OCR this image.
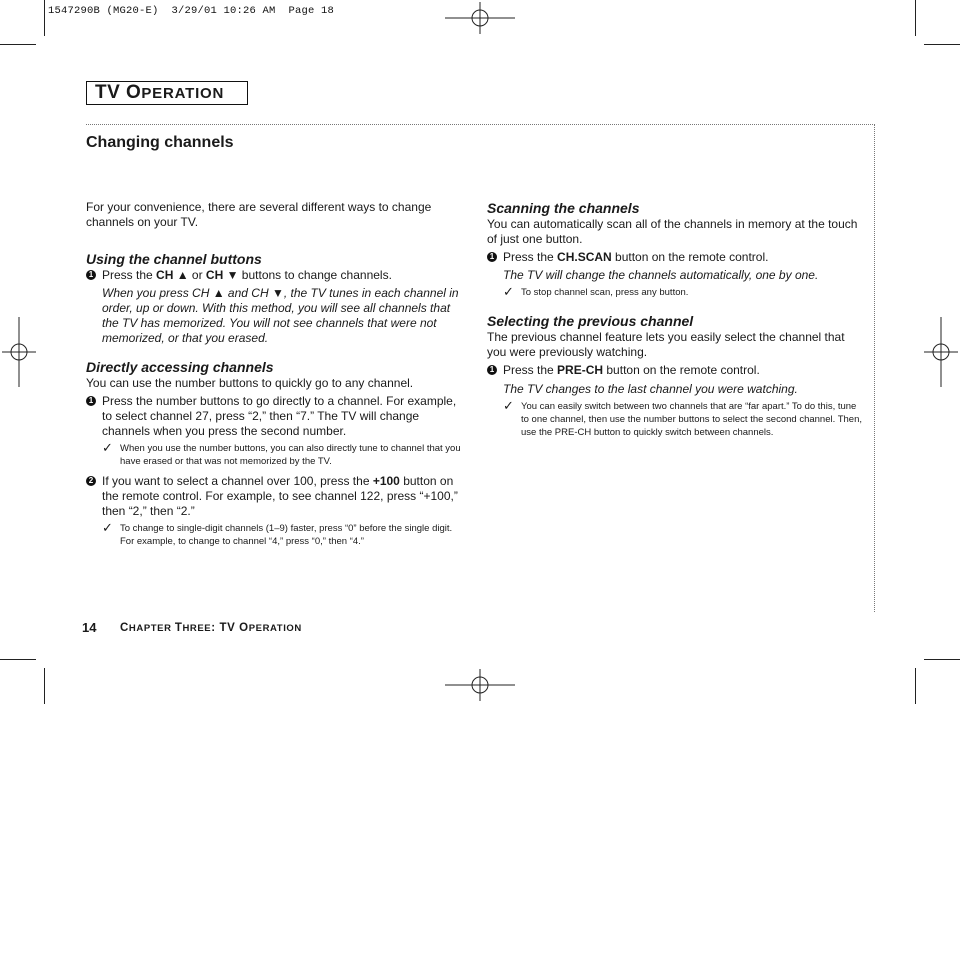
1547290B (MG20-E)  3/29/01 10:26 AM  Page 18
TV OPERATION
Changing channels

For your convenience, there are several different ways to change channels on your TV.

Using the channel buttons

1 Press the CH ▲ or CH ▼ buttons to change channels.

When you press CH ▲ and CH ▼, the TV tunes in each channel in order, up or down. With this method, you will see all channels that the TV has memorized. You will not see channels that were not memorized, or that you erased.

Directly accessing channels

You can use the number buttons to quickly go to any channel.

1 Press the number buttons to go directly to a channel. For example, to select channel 27, press “2,” then “7.” The TV will change channels when you press the second number.
✓ When you use the number buttons, you can also directly tune to channel that you have erased or that was not memorized by the TV.
2 If you want to select a channel over 100, press the +100 button on the remote control. For example, to see channel 122, press “+100,” then “2,” then “2.”
✓ To change to single-digit channels (1–9) faster, press “0” before the single digit. For example, to change to channel “4,” press “0,” then “4.”

Scanning the channels

You can automatically scan all of the channels in memory at the touch of just one button.

1 Press the CH.SCAN button on the remote control.

The TV will change the channels automatically, one by one.

✓ To stop channel scan, press any button.

Selecting the previous channel

The previous channel feature lets you easily select the channel that you were previously watching.

1 Press the PRE-CH button on the remote control.

The TV changes to the last channel you were watching.

✓ You can easily switch between two channels that are “far apart.” To do this, tune to one channel, then use the number buttons to select the second channel. Then, use the PRE-CH button to quickly switch between channels.
14 CHAPTER THREE: TV OPERATION
